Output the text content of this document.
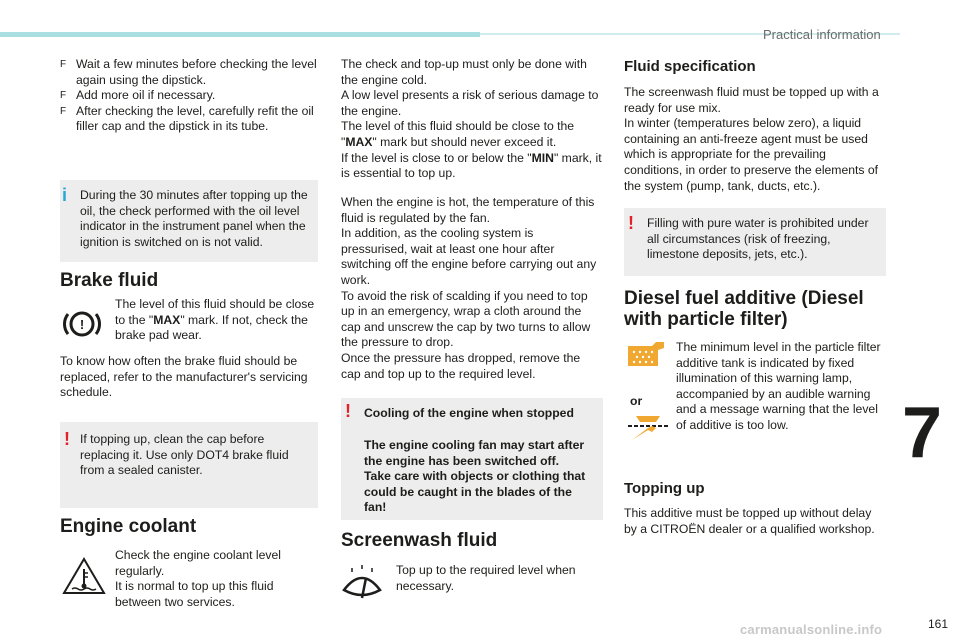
Practical information
7
161
carmanualsonline.info
F Wait a few minutes before checking the level again using the dipstick.
F Add more oil if necessary.
F After checking the level, carefully refit the oil filler cap and the dipstick in its tube.
i During the 30 minutes after topping up the oil, the check performed with the oil level indicator in the instrument panel when the ignition is switched on is not valid.
Brake fluid
!
The level of this fluid should be close to the "MAX" mark. If not, check the brake pad wear.
To know how often the brake fluid should be replaced, refer to the manufacturer's servicing schedule.
! If topping up, clean the cap before replacing it. Use only DOT4 brake fluid from a sealed canister.
Engine coolant
Check the engine coolant level regularly.
It is normal to top up this fluid between two services.
The check and top-up must only be done with the engine cold.
A low level presents a risk of serious damage to the engine.
The level of this fluid should be close to the
"MAX" mark but should never exceed it.
If the level is close to or below the "MIN" mark, it is essential to top up.
When the engine is hot, the temperature of this fluid is regulated by the fan.
In addition, as the cooling system is pressurised, wait at least one hour after switching off the engine before carrying out any work.
To avoid the risk of scalding if you need to top up in an emergency, wrap a cloth around the cap and unscrew the cap by two turns to allow the pressure to drop.
Once the pressure has dropped, remove the cap and top up to the required level.
! Cooling of the engine when stopped
The engine cooling fan may start after the engine has been switched off.
Take care with objects or clothing that could be caught in the blades of the fan!
Screenwash fluid
Top up to the required level when necessary.
Fluid specification
The screenwash fluid must be topped up with a ready for use mix.
In winter (temperatures below zero), a liquid containing an anti-freeze agent must be used which is appropriate for the prevailing conditions, in order to preserve the elements of the system (pump, tank, ducts, etc.).
! Filling with pure water is prohibited under all circumstances (risk of freezing, limestone deposits, jets, etc.).
Diesel fuel additive (Diesel with particle filter)
or
The minimum level in the particle filter additive tank is indicated by fixed illumination of this warning lamp, accompanied by an audible warning and a message warning that the level of additive is too low.
Topping up
This additive must be topped up without delay by a CITROËN dealer or a qualified workshop.
